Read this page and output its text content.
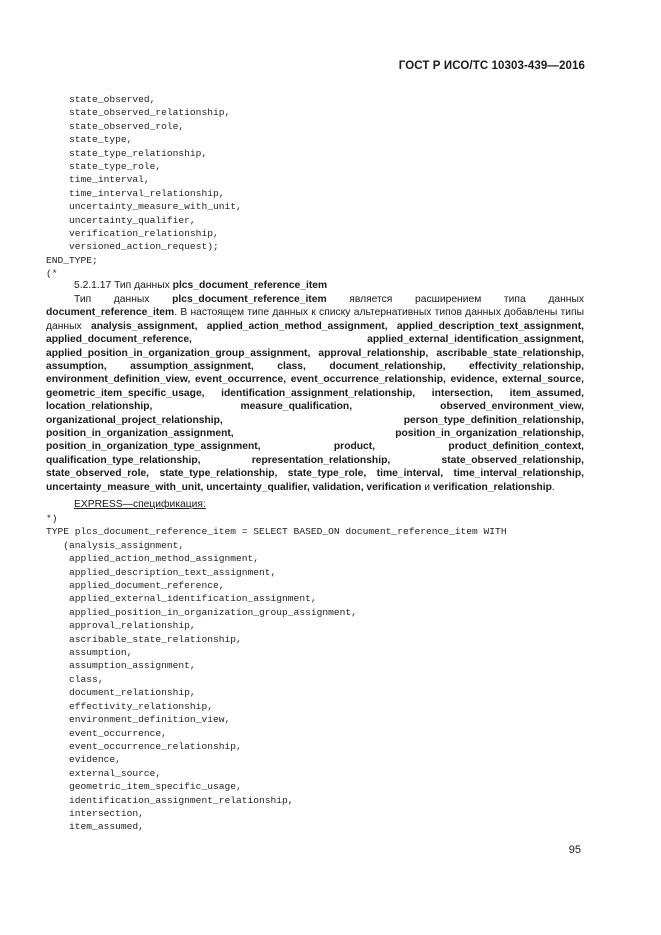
ГОСТ Р ИСО/ТС 10303-439—2016
state_observed,
state_observed_relationship,
state_observed_role,
state_type,
state_type_relationship,
state_type_role,
time_interval,
time_interval_relationship,
uncertainty_measure_with_unit,
uncertainty_qualifier,
verification_relationship,
versioned_action_request);
END_TYPE;
(*
5.2.1.17 Тип данных plcs_document_reference_item
Тип данных plcs_document_reference_item является расширением типа данных document_reference_item. В настоящем типе данных к списку альтернативных типов данных добавлены типы данных analysis_assignment, applied_action_method_assignment, applied_description_text_assignment, applied_document_reference, applied_external_identification_assignment, applied_position_in_organization_group_assignment, approval_relationship, ascribable_state_relationship, assumption, assumption_assignment, class, document_relationship, effectivity_relationship, environment_definition_view, event_occurrence, event_occurrence_relationship, evidence, external_source, geometric_item_specific_usage, identification_assignment_relationship, intersection, item_assumed, location_relationship, measure_qualification, observed_environment_view, organizational_project_relationship, person_type_definition_relationship, position_in_organization_assignment, position_in_organization_relationship, position_in_organization_type_assignment, product, product_definition_context, qualification_type_relationship, representation_relationship, state_observed_relationship, state_observed_role, state_type_relationship, state_type_role, time_interval, time_interval_relationship, uncertainty_measure_with_unit, uncertainty_qualifier, validation, verification и verification_relationship.
EXPRESS—спецификация:
*)
TYPE plcs_document_reference_item = SELECT BASED_ON document_reference_item WITH
(analysis_assignment,
applied_action_method_assignment,
applied_description_text_assignment,
applied_document_reference,
applied_external_identification_assignment,
applied_position_in_organization_group_assignment,
approval_relationship,
ascribable_state_relationship,
assumption,
assumption_assignment,
class,
document_relationship,
effectivity_relationship,
environment_definition_view,
event_occurrence,
event_occurrence_relationship,
evidence,
external_source,
geometric_item_specific_usage,
identification_assignment_relationship,
intersection,
item_assumed,
95
